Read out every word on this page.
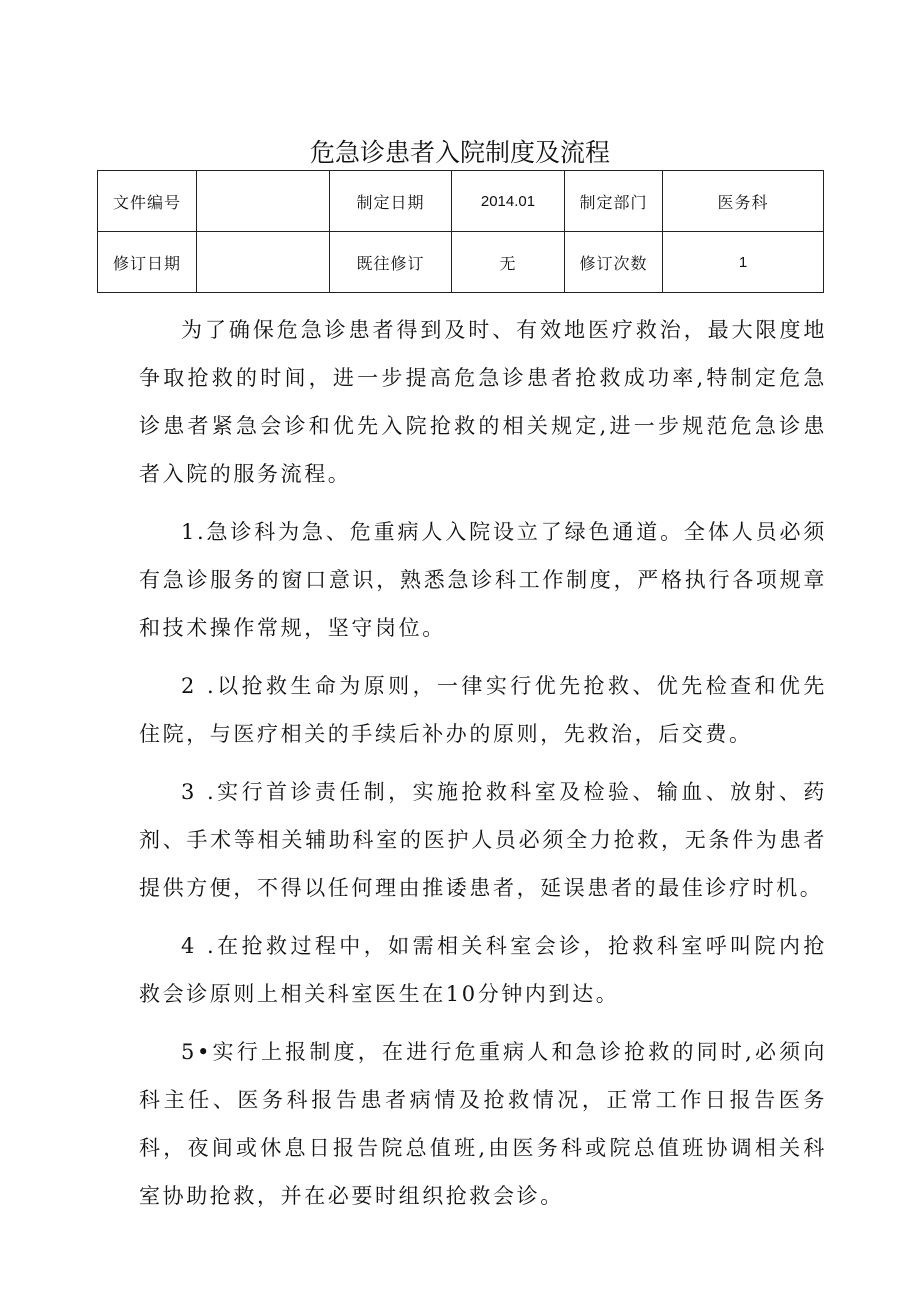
危急诊患者入院制度及流程
文件编号		制定日期	2014.01	制定部门	医务科
修订日期		既往修订	无	修订次数	1

为了确保危急诊患者得到及时、有效地医疗救治，最大限度地争取抢救的时间，进一步提高危急诊患者抢救成功率,特制定危急诊患者紧急会诊和优先入院抢救的相关规定,进一步规范危急诊患者入院的服务流程。

1.急诊科为急、危重病人入院设立了绿色通道。全体人员必须有急诊服务的窗口意识，熟悉急诊科工作制度，严格执行各项规章和技术操作常规，坚守岗位。

2 .以抢救生命为原则，一律实行优先抢救、优先检查和优先住院，与医疗相关的手续后补办的原则，先救治，后交费。

3 .实行首诊责任制，实施抢救科室及检验、输血、放射、药剂、手术等相关辅助科室的医护人员必须全力抢救，无条件为患者提供方便，不得以任何理由推诿患者，延误患者的最佳诊疗时机。

4 .在抢救过程中，如需相关科室会诊，抢救科室呼叫院内抢救会诊原则上相关科室医生在10分钟内到达。

5•实行上报制度，在进行危重病人和急诊抢救的同时,必须向科主任、医务科报告患者病情及抢救情况，正常工作日报告医务科，夜间或休息日报告院总值班,由医务科或院总值班协调相关科室协助抢救，并在必要时组织抢救会诊。
